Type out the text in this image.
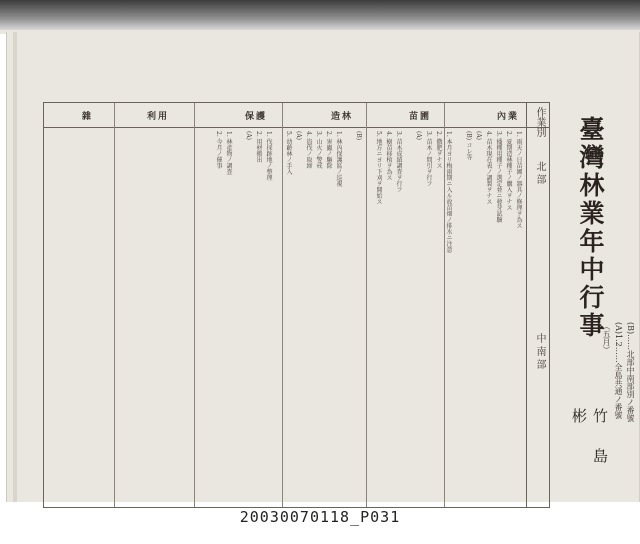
內業
苗圃
造林
保護
利用
雜	作業別
北 部
中 南 部
1. 雨天ノ日苗圃ノ器具ノ修理ヲ為ス
2. 夏期造林種子ノ購入ヲナス
3. 播種用種子ノ選定並ニ發芽試驗
4. 苗木現在表ノ調製ヲナス
(A)
(B) コレ等
1. 本月ヨリ梅雨期ニ入ル故苗畑ノ排水ニ注意
2. 撒肥ヲナス
3. 苗木ノ間引ヲ行フ
(A)
3. 苗木成績調査ヲ行フ
4. 樹苗移植ヲ為ス
5. 地方ニヨリ下刈ヲ開始ス
(B)
1. 林內保護區ノ巡視
2. 害蟲ノ驅除
3. 山火ノ警戒
4. 盜伐ノ取締
(A)
5. 幼齡林ノ手入
1. 伐採跡地ノ整理
2. 用材搬出
(A)
1. 林產物ノ調查
2. 今月ノ催事	臺灣林業年中行事
（五月） (A)1.2……全島共通ノ番號 (B)……北部中南部別ノ番號
竹 島 彬
20030070118_P031
